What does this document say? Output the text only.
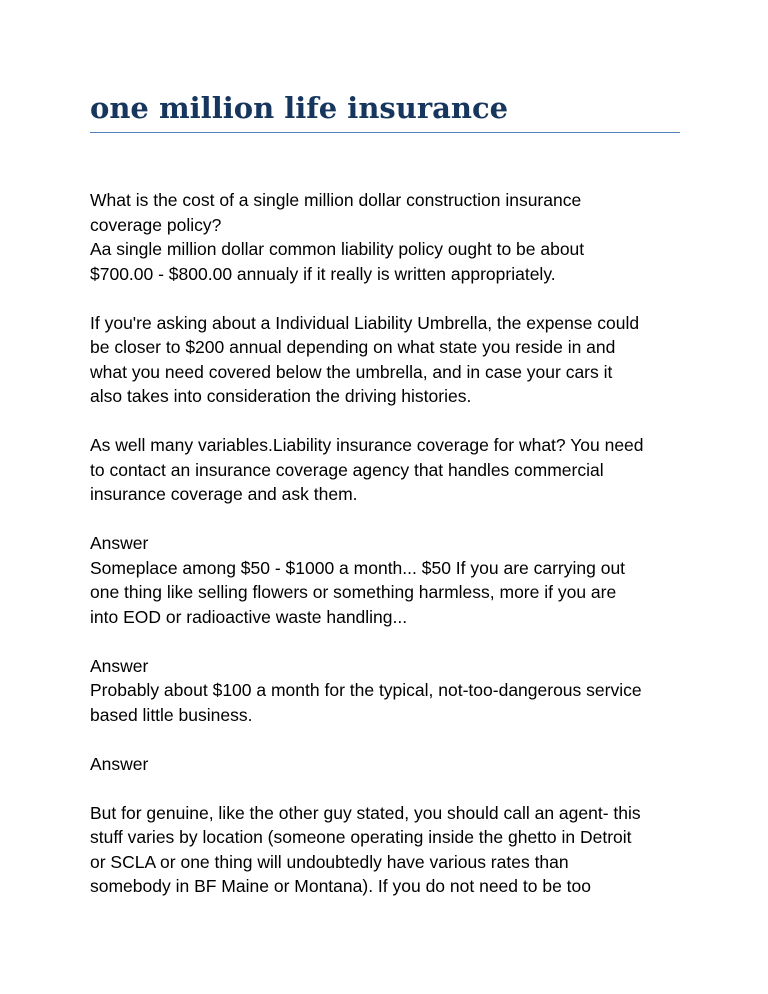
one million life insurance

What is the cost of a single million dollar construction insurance
coverage policy?
Aa single million dollar common liability policy ought to be about
$700.00 - $800.00 annualy if it really is written appropriately.

If you're asking about a Individual Liability Umbrella, the expense could
be closer to $200 annual depending on what state you reside in and
what you need covered below the umbrella, and in case your cars it
also takes into consideration the driving histories.

As well many variables.Liability insurance coverage for what? You need
to contact an insurance coverage agency that handles commercial
insurance coverage and ask them.

Answer
Someplace among $50 - $1000 a month... $50 If you are carrying out
one thing like selling flowers or something harmless, more if you are
into EOD or radioactive waste handling...

Answer
Probably about $100 a month for the typical, not-too-dangerous service
based little business.

Answer

But for genuine, like the other guy stated, you should call an agent- this
stuff varies by location (someone operating inside the ghetto in Detroit
or SCLA or one thing will undoubtedly have various rates than
somebody in BF Maine or Montana). If you do not need to be too
